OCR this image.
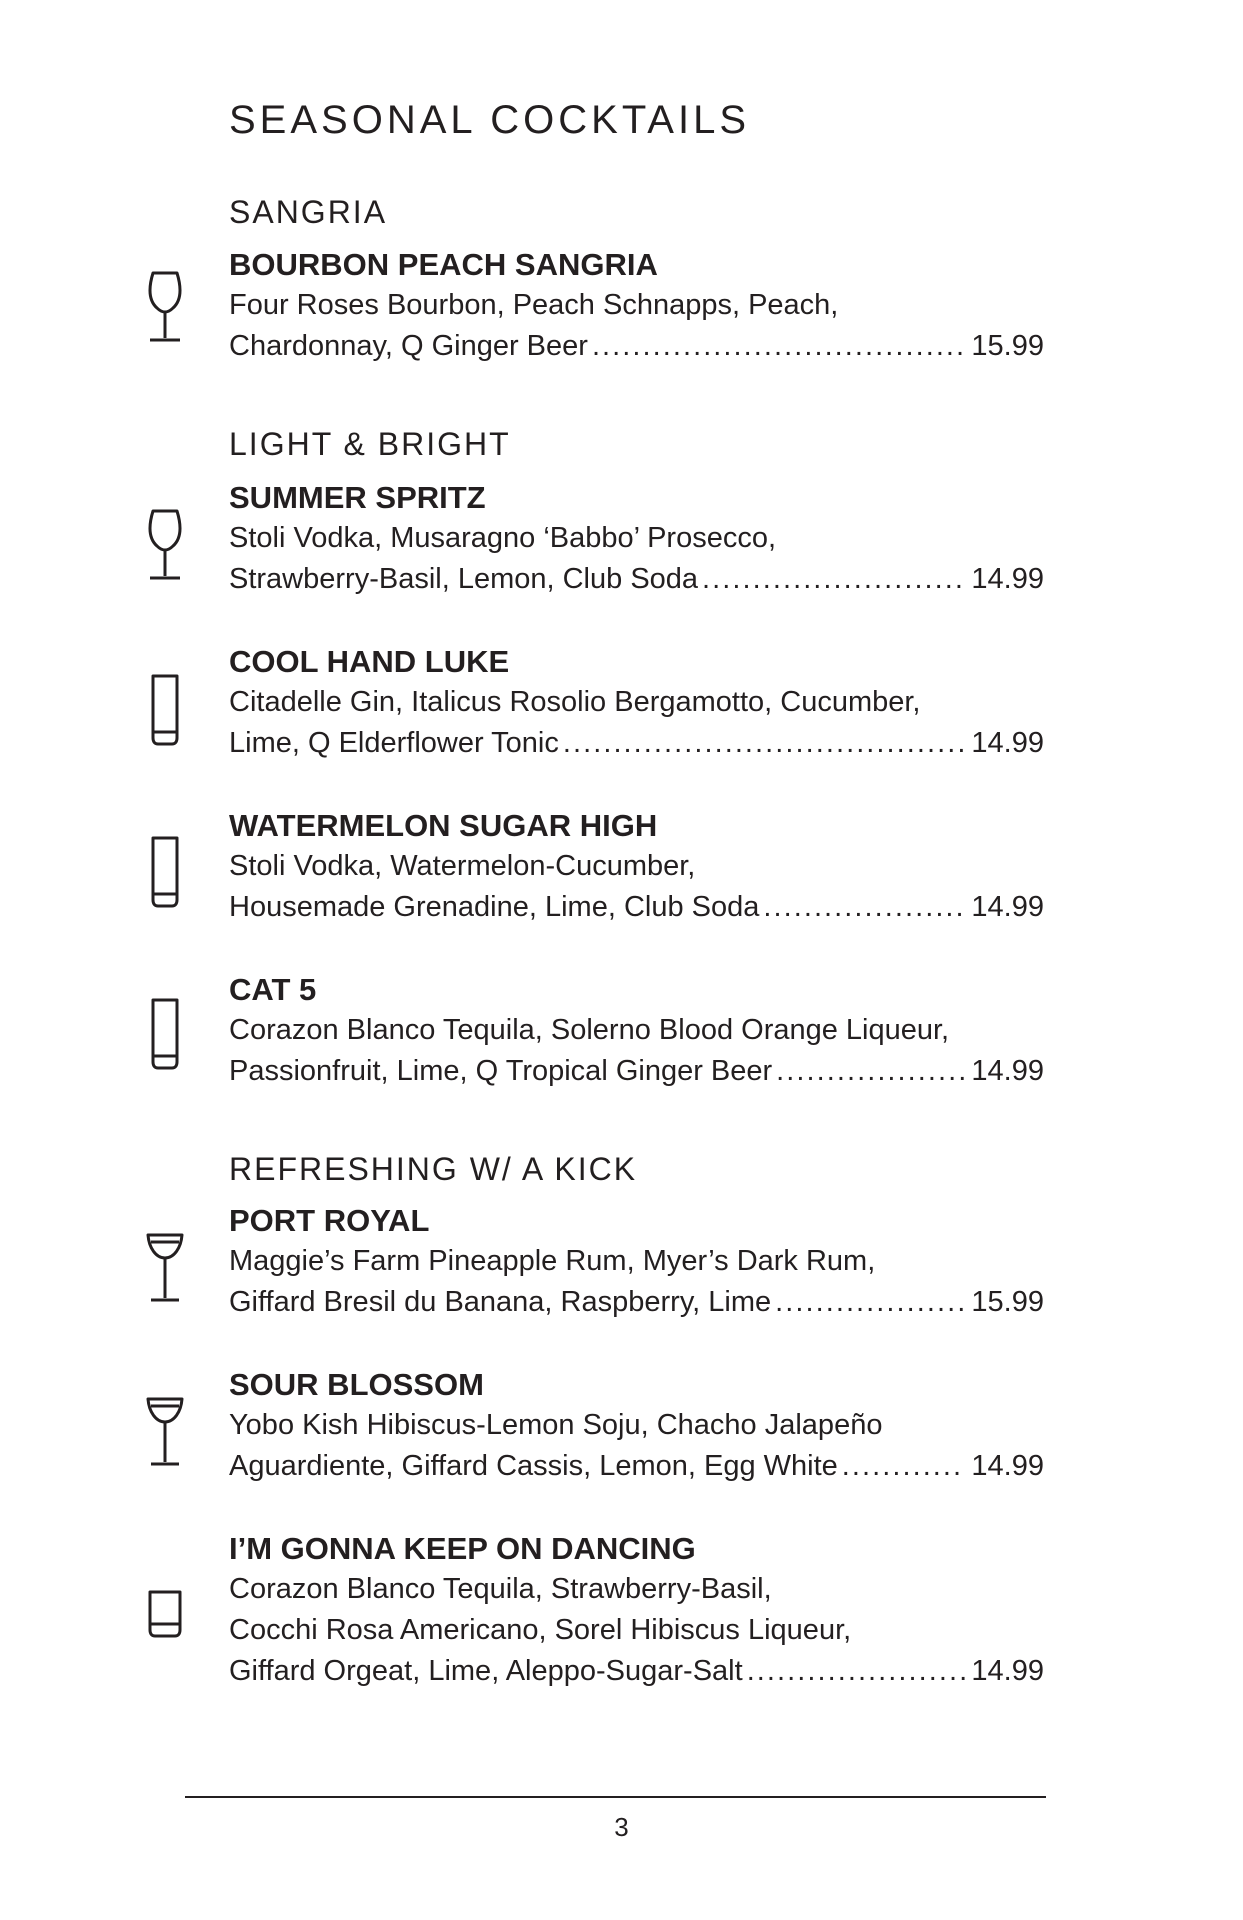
SEASONAL COCKTAILS
SANGRIA
BOURBON PEACH SANGRIA
Four Roses Bourbon, Peach Schnapps, Peach,
Chardonnay, Q Ginger Beer . . .	15.99
LIGHT & BRIGHT
SUMMER SPRITZ
Stoli Vodka, Musaragno ‘Babbo’ Prosecco,
Strawberry-Basil, Lemon, Club Soda . . .	14.99
COOL HAND LUKE
Citadelle Gin, Italicus Rosolio Bergamotto, Cucumber,
Lime, Q Elderflower Tonic . . .	14.99
WATERMELON SUGAR HIGH
Stoli Vodka, Watermelon-Cucumber,
Housemade Grenadine, Lime, Club Soda . . .	14.99
CAT 5
Corazon Blanco Tequila, Solerno Blood Orange Liqueur,
Passionfruit, Lime, Q Tropical Ginger Beer . . .	14.99
REFRESHING W/ A KICK
PORT ROYAL
Maggie’s Farm Pineapple Rum, Myer’s Dark Rum,
Giffard Bresil du Banana, Raspberry, Lime . . .	15.99
SOUR BLOSSOM
Yobo Kish Hibiscus-Lemon Soju, Chacho Jalapeño
Aguardiente, Giffard Cassis, Lemon, Egg White . . .	14.99
I’M GONNA KEEP ON DANCING
Corazon Blanco Tequila, Strawberry-Basil,
Cocchi Rosa Americano, Sorel Hibiscus Liqueur,
Giffard Orgeat, Lime, Aleppo-Sugar-Salt . . .	14.99
3
